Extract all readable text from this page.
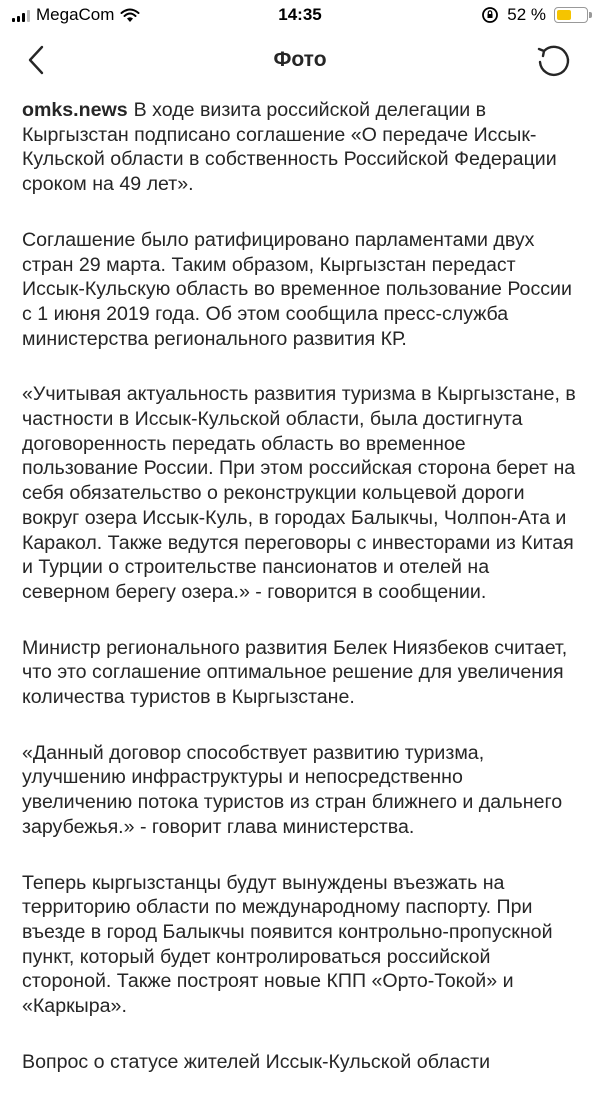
MegaCom	14:35	52 %
Фото

omks.news В ходе визита российской делегации в Кыргызстан подписано соглашение «О передаче Иссык-Кульской области в собственность Российской Федерации сроком на 49 лет».

Соглашение было ратифицировано парламентами двух стран 29 марта. Таким образом, Кыргызстан передаст Иссык-Кульскую область во временное пользование России с 1 июня 2019 года. Об этом сообщила пресс-служба министерства регионального развития КР.

«Учитывая актуальность развития туризма в Кыргызстане, в частности в Иссык-Кульской области, была достигнута договоренность передать область во временное пользование России. При этом российская сторона берет на себя обязательство о реконструкции кольцевой дороги вокруг озера Иссык-Куль, в городах Балыкчы, Чолпон-Ата и Каракол. Также ведутся переговоры с инвесторами из Китая и Турции о строительстве пансионатов и отелей на северном берегу озера.» - говорится в сообщении.

Министр регионального развития Белек Ниязбеков считает, что это соглашение оптимальное решение для увеличения количества туристов в Кыргызстане.

«Данный договор способствует развитию туризма, улучшению инфраструктуры и непосредственно увеличению потока туристов из стран ближнего и дальнего зарубежья.» - говорит глава министерства.

Теперь кыргызстанцы будут вынуждены въезжать на территорию области по международному паспорту. При въезде в город Балыкчы появится контрольно-пропускной пункт, который будет контролироваться российской стороной. Также построят новые КПП «Орто-Токой» и «Каркыра».

Вопрос о статусе жителей Иссык-Кульской области
